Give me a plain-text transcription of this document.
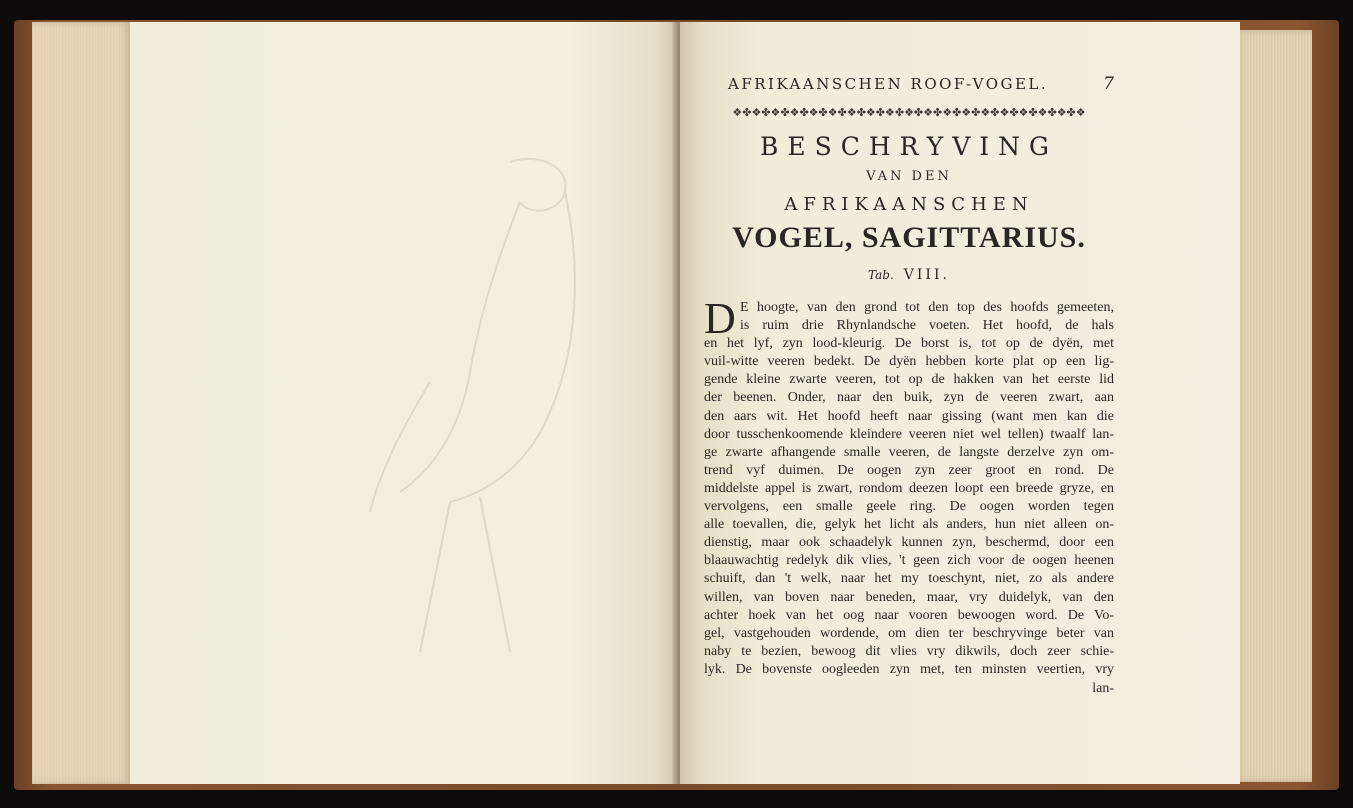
AFRIKAANSCHEN ROOF-VOGEL.	7
❖✤❖✤❖✤❖✤❖✤❖✤❖✤❖✤❖✤❖✤❖✤❖✤❖✤❖✤❖✤❖✤❖✤❖✤❖
BESCHRYVING
VAN DEN
AFRIKAANSCHEN
VOGEL, SAGITTARIUS.
Tab. VIII.
D E hoogte, van den grond tot den top des hoofds gemeeten,
is ruim drie Rhynlandsche voeten. Het hoofd, de hals
en het lyf, zyn lood-kleurig. De borst is, tot op de dyën, met
vuil-witte veeren bedekt. De dyën hebben korte plat op een lig-
gende kleine zwarte veeren, tot op de hakken van het eerste lid
der beenen. Onder, naar den buik, zyn de veeren zwart, aan
den aars wit. Het hoofd heeft naar gissing (want men kan die
door tusschenkoomende kleindere veeren niet wel tellen) twaalf lan-
ge zwarte afhangende smalle veeren, de langste derzelve zyn om-
trend vyf duimen. De oogen zyn zeer groot en rond. De
middelste appel is zwart, rondom deezen loopt een breede gryze, en
vervolgens, een smalle geele ring. De oogen worden tegen
alle toevallen, die, gelyk het licht als anders, hun niet alleen on-
dienstig, maar ook schaadelyk kunnen zyn, beschermd, door een
blaauwachtig redelyk dik vlies, 't geen zich voor de oogen heenen
schuift, dan 't welk, naar het my toeschynt, niet, zo als andere
willen, van boven naar beneden, maar, vry duidelyk, van den
achter hoek van het oog naar vooren bewoogen word. De Vo-
gel, vastgehouden wordende, om dien ter beschryvinge beter van
naby te bezien, bewoog dit vlies vry dikwils, doch zeer schie-
lyk. De bovenste oogleeden zyn met, ten minsten veertien, vry
lan-
